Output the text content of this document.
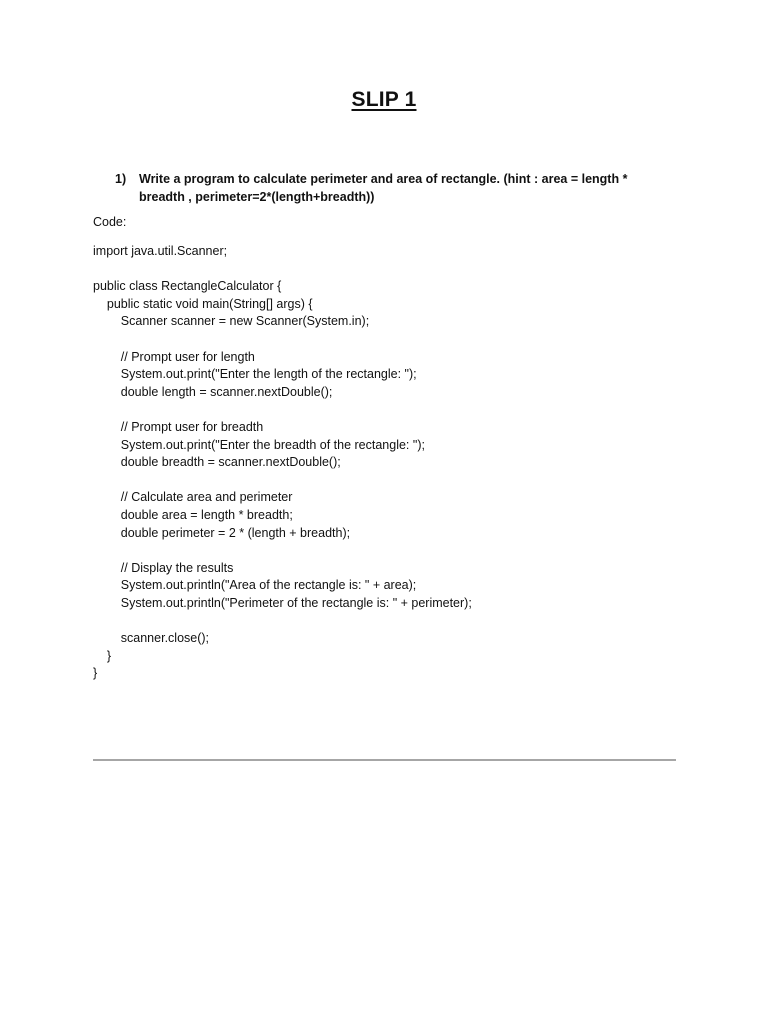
SLIP 1
1) Write a program to calculate perimeter and area of rectangle. (hint : area = length * breadth , perimeter=2*(length+breadth))
Code:
import java.util.Scanner;
public class RectangleCalculator {
public static void main(String[] args) {
Scanner scanner = new Scanner(System.in);
// Prompt user for length
System.out.print("Enter the length of the rectangle: ");
double length = scanner.nextDouble();
// Prompt user for breadth
System.out.print("Enter the breadth of the rectangle: ");
double breadth = scanner.nextDouble();
// Calculate area and perimeter
double area = length * breadth;
double perimeter = 2 * (length + breadth);
// Display the results
System.out.println("Area of the rectangle is: " + area);
System.out.println("Perimeter of the rectangle is: " + perimeter);
scanner.close();
}
}
